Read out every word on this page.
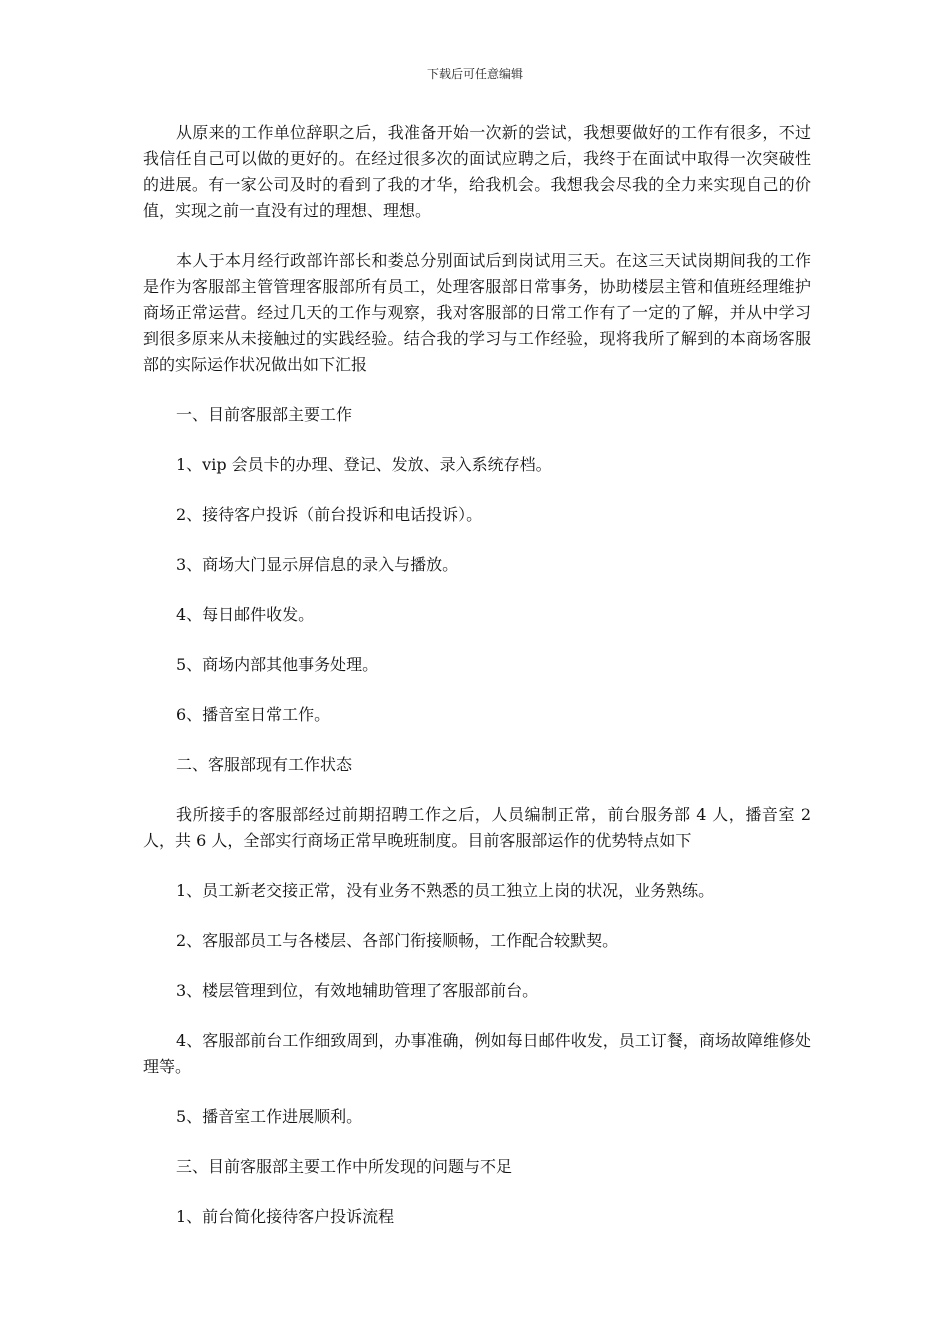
下载后可任意编辑

从原来的工作单位辞职之后，我准备开始一次新的尝试，我想要做好的工作有很多，不过我信任自己可以做的更好的。在经过很多次的面试应聘之后，我终于在面试中取得一次突破性的进展。有一家公司及时的看到了我的才华，给我机会。我想我会尽我的全力来实现自己的价值，实现之前一直没有过的理想、理想。

本人于本月经行政部许部长和娄总分别面试后到岗试用三天。在这三天试岗期间我的工作是作为客服部主管管理客服部所有员工，处理客服部日常事务，协助楼层主管和值班经理维护商场正常运营。经过几天的工作与观察，我对客服部的日常工作有了一定的了解，并从中学习到很多原来从未接触过的实践经验。结合我的学习与工作经验，现将我所了解到的本商场客服部的实际运作状况做出如下汇报

一、目前客服部主要工作

1、vip 会员卡的办理、登记、发放、录入系统存档。

2、接待客户投诉（前台投诉和电话投诉）。

3、商场大门显示屏信息的录入与播放。

4、每日邮件收发。

5、商场内部其他事务处理。

6、播音室日常工作。

二、客服部现有工作状态

我所接手的客服部经过前期招聘工作之后，人员编制正常，前台服务部 4 人，播音室 2 人，共 6 人，全部实行商场正常早晚班制度。目前客服部运作的优势特点如下

1、员工新老交接正常，没有业务不熟悉的员工独立上岗的状况，业务熟练。

2、客服部员工与各楼层、各部门衔接顺畅，工作配合较默契。

3、楼层管理到位，有效地辅助管理了客服部前台。

4、客服部前台工作细致周到，办事准确，例如每日邮件收发，员工订餐，商场故障维修处理等。

5、播音室工作进展顺利。

三、目前客服部主要工作中所发现的问题与不足

1、前台简化接待客户投诉流程
